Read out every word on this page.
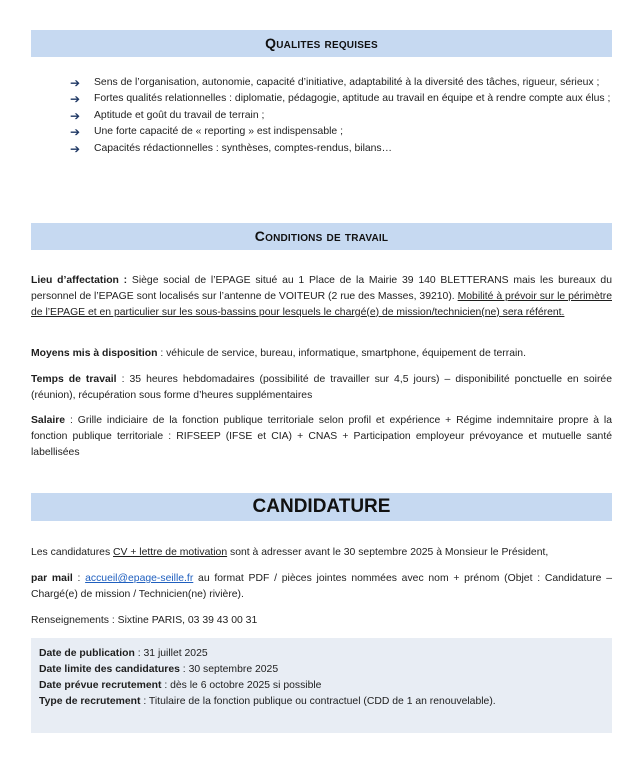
Qualites requises
➔ Sens de l’organisation, autonomie, capacité d’initiative, adaptabilité à la diversité des tâches, rigueur, sérieux ;
➔ Fortes qualités relationnelles : diplomatie, pédagogie, aptitude au travail en équipe et à rendre compte aux élus ;
➔ Aptitude et goût du travail de terrain ;
➔ Une forte capacité de « reporting » est indispensable ;
➔ Capacités rédactionnelles : synthèses, comptes-rendus, bilans…
Conditions de travail

Lieu d’affectation : Siège social de l’EPAGE situé au 1 Place de la Mairie 39 140 BLETTERANS mais les bureaux du personnel de l’EPAGE sont localisés sur l’antenne de VOITEUR (2 rue des Masses, 39210). Mobilité à prévoir sur le périmètre de l’EPAGE et en particulier sur les sous-bassins pour lesquels le chargé(e) de mission/technicien(ne) sera référent.

Moyens mis à disposition : véhicule de service, bureau, informatique, smartphone, équipement de terrain.

Temps de travail : 35 heures hebdomadaires (possibilité de travailler sur 4,5 jours) – disponibilité ponctuelle en soirée (réunion), récupération sous forme d’heures supplémentaires

Salaire : Grille indiciaire de la fonction publique territoriale selon profil et expérience + Régime indemnitaire propre à la fonction publique territoriale : RIFSEEP (IFSE et CIA) + CNAS + Participation employeur prévoyance et mutuelle santé labellisées

CANDIDATURE

Les candidatures CV + lettre de motivation sont à adresser avant le 30 septembre 2025 à Monsieur le Président,

par mail : accueil@epage-seille.fr au format PDF / pièces jointes nommées avec nom + prénom (Objet : Candidature – Chargé(e) de mission / Technicien(ne) rivière).

Renseignements : Sixtine PARIS, 03 39 43 00 31

Date de publication : 31 juillet 2025
Date limite des candidatures : 30 septembre 2025
Date prévue recrutement : dès le 6 octobre 2025 si possible
Type de recrutement : Titulaire de la fonction publique ou contractuel (CDD de 1 an renouvelable).
